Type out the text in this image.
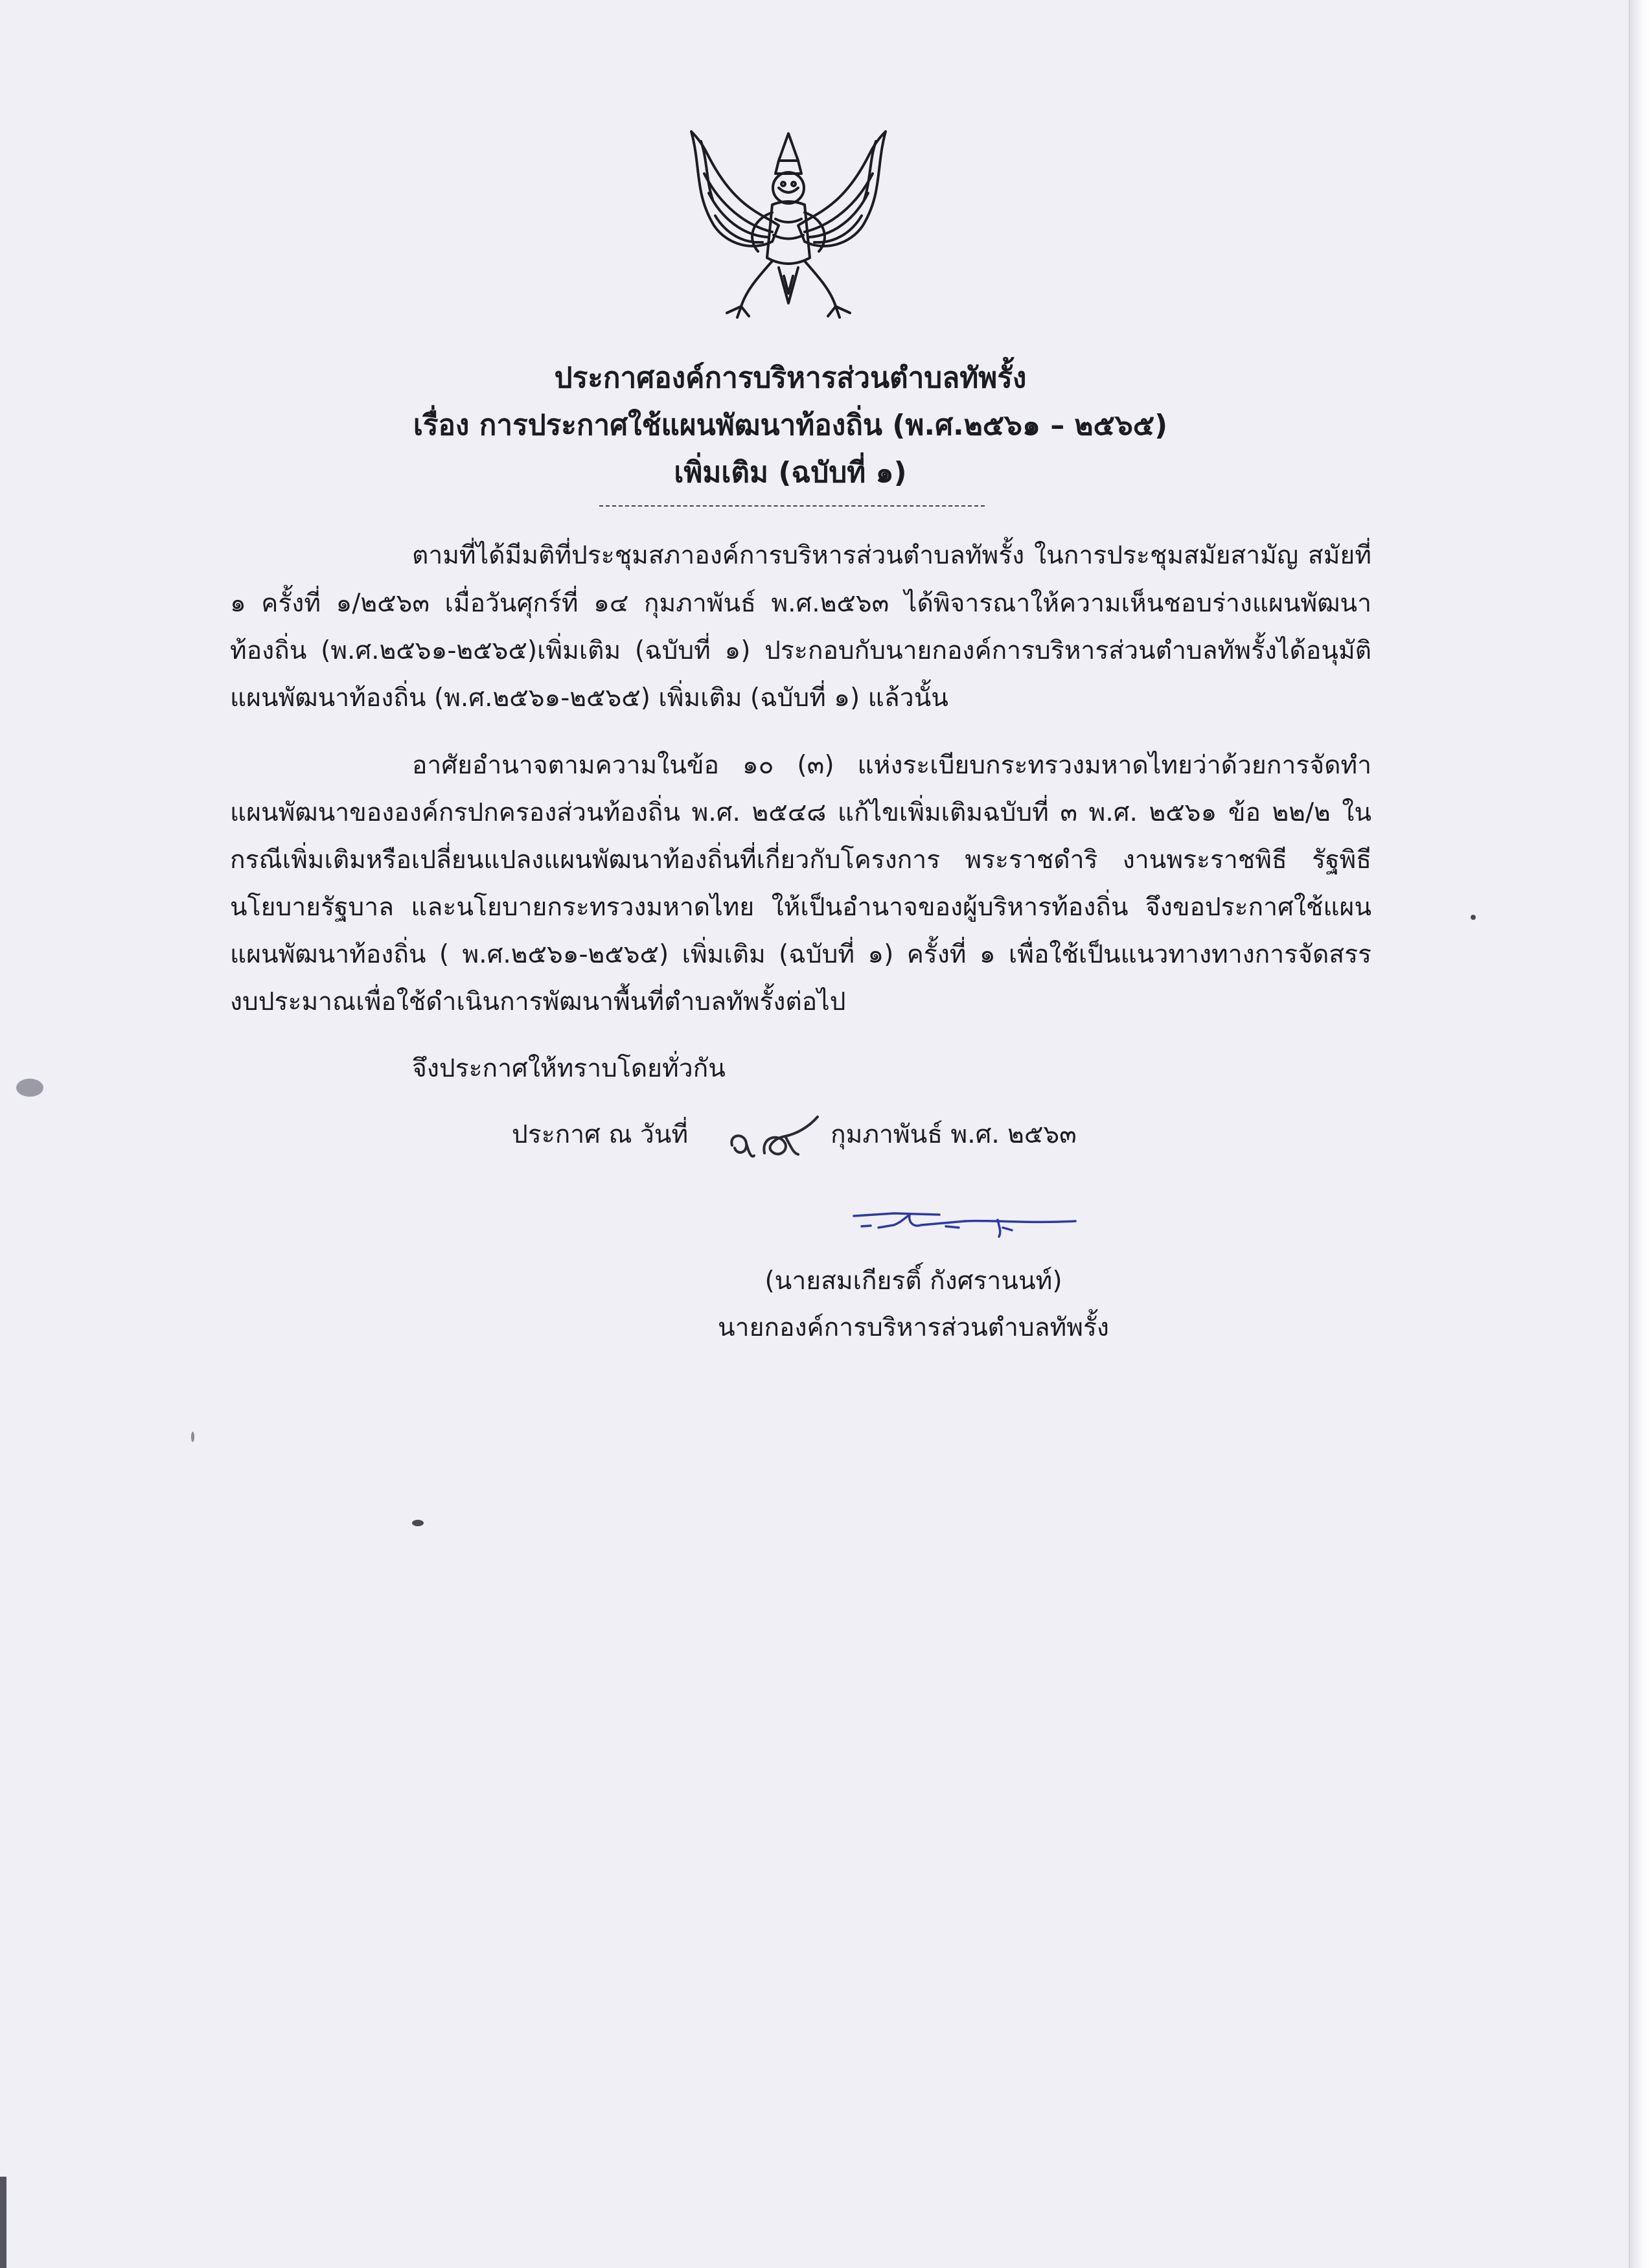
ประกาศองค์การบริหารส่วนตำบลทัพรั้ง
เรื่อง การประกาศใช้แผนพัฒนาท้องถิ่น (พ.ศ.๒๕๖๑ – ๒๕๖๕)
เพิ่มเติม (ฉบับที่ ๑)
ตามที่ได้มีมติที่ประชุมสภาองค์การบริหารส่วนตำบลทัพรั้ง ในการประชุมสมัยสามัญ สมัยที่
๑ ครั้งที่ ๑/๒๕๖๓ เมื่อวันศุกร์ที่ ๑๔ กุมภาพันธ์ พ.ศ.๒๕๖๓ ได้พิจารณาให้ความเห็นชอบร่างแผนพัฒนา
ท้องถิ่น (พ.ศ.๒๕๖๑-๒๕๖๕)เพิ่มเติม (ฉบับที่ ๑) ประกอบกับนายกองค์การบริหารส่วนตำบลทัพรั้งได้อนุมัติ
แผนพัฒนาท้องถิ่น (พ.ศ.๒๕๖๑-๒๕๖๕) เพิ่มเติม (ฉบับที่ ๑) แล้วนั้น
อาศัยอำนาจตามความในข้อ ๑๐ (๓) แห่งระเบียบกระทรวงมหาดไทยว่าด้วยการจัดทำ
แผนพัฒนาขององค์กรปกครองส่วนท้องถิ่น พ.ศ. ๒๕๔๘ แก้ไขเพิ่มเติมฉบับที่ ๓ พ.ศ. ๒๕๖๑ ข้อ ๒๒/๒ ใน
กรณีเพิ่มเติมหรือเปลี่ยนแปลงแผนพัฒนาท้องถิ่นที่เกี่ยวกับโครงการ พระราชดำริ งานพระราชพิธี รัฐพิธี
นโยบายรัฐบาล และนโยบายกระทรวงมหาดไทย ให้เป็นอำนาจของผู้บริหารท้องถิ่น จึงขอประกาศใช้แผน
แผนพัฒนาท้องถิ่น ( พ.ศ.๒๕๖๑-๒๕๖๕) เพิ่มเติม (ฉบับที่ ๑) ครั้งที่ ๑ เพื่อใช้เป็นแนวทางทางการจัดสรร
งบประมาณเพื่อใช้ดำเนินการพัฒนาพื้นที่ตำบลทัพรั้งต่อไป
จึงประกาศให้ทราบโดยทั่วกัน
ประกาศ ณ วันที่	กุมภาพันธ์ พ.ศ. ๒๕๖๓
(นายสมเกียรติ์ กังศรานนท์)
นายกองค์การบริหารส่วนตำบลทัพรั้ง
